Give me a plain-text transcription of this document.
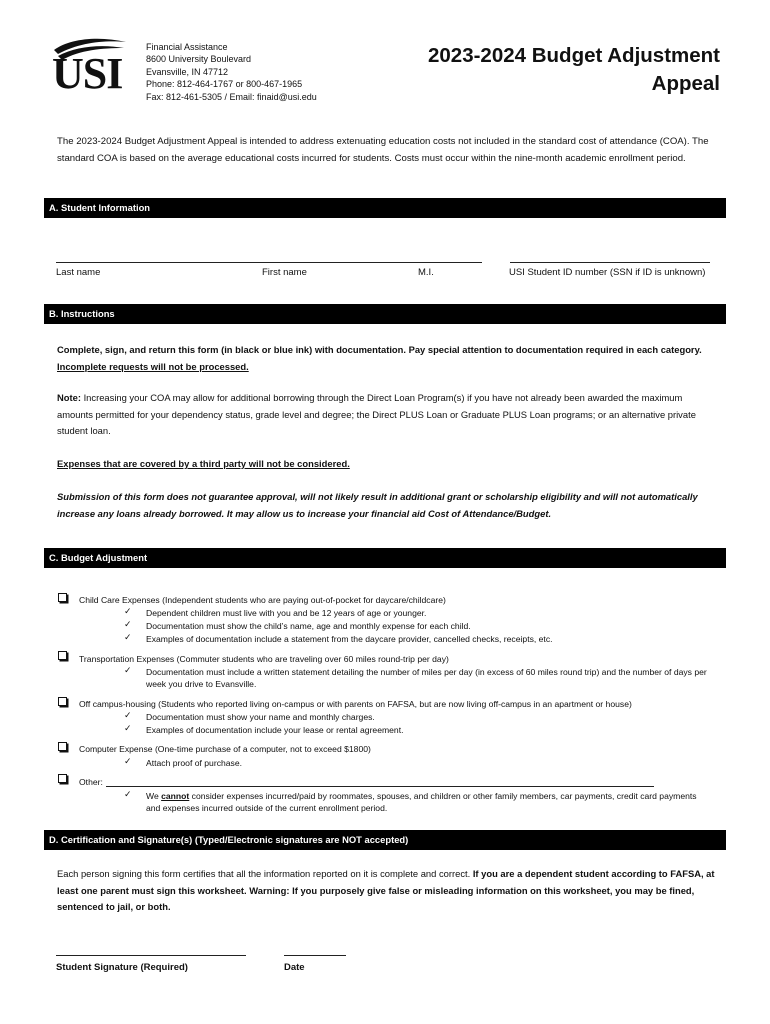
USI
Financial Assistance
8600 University Boulevard
Evansville, IN 47712
Phone: 812-464-1767 or 800-467-1965
Fax: 812-461-5305 / Email: finaid@usi.edu
2023-2024 Budget Adjustment
Appeal
The 2023-2024 Budget Adjustment Appeal is intended to address extenuating education costs not included in the standard cost of attendance (COA). The standard COA is based on the average educational costs incurred for students. Costs must occur within the nine-month academic enrollment period.
A. Student Information
Last name	First name	M.I.	USI Student ID number (SSN if ID is unknown)
B. Instructions
Complete, sign, and return this form (in black or blue ink) with documentation. Pay special attention to documentation required in each category. Incomplete requests will not be processed.
Note: Increasing your COA may allow for additional borrowing through the Direct Loan Program(s) if you have not already been awarded the maximum amounts permitted for your dependency status, grade level and degree; the Direct PLUS Loan or Graduate PLUS Loan programs; or an alternative private student loan.
Expenses that are covered by a third party will not be considered.
Submission of this form does not guarantee approval, will not likely result in additional grant or scholarship eligibility and will not automatically increase any loans already borrowed. It may allow us to increase your financial aid Cost of Attendance/Budget.
C. Budget Adjustment
Child Care Expenses (Independent students who are paying out-of-pocket for daycare/childcare)
✓ Dependent children must live with you and be 12 years of age or younger.
✓ Documentation must show the child’s name, age and monthly expense for each child.
✓ Examples of documentation include a statement from the daycare provider, cancelled checks, receipts, etc.
Transportation Expenses (Commuter students who are traveling over 60 miles round-trip per day)
✓ Documentation must include a written statement detailing the number of miles per day (in excess of 60 miles round trip) and the number of days per week you drive to Evansville.
Off campus-housing (Students who reported living on-campus or with parents on FAFSA, but are now living off-campus in an apartment or house)
✓ Documentation must show your name and monthly charges.
✓ Examples of documentation include your lease or rental agreement.
Computer Expense (One-time purchase of a computer, not to exceed $1800)
✓ Attach proof of purchase.
Other:
✓ We cannot consider expenses incurred/paid by roommates, spouses, and children or other family members, car payments, credit card payments and expenses incurred outside of the current enrollment period.
D. Certification and Signature(s) (Typed/Electronic signatures are NOT accepted)
Each person signing this form certifies that all the information reported on it is complete and correct. If you are a dependent student according to FAFSA, at least one parent must sign this worksheet. Warning: If you purposely give false or misleading information on this worksheet, you may be fined, sentenced to jail, or both.
Student Signature (Required)	Date
